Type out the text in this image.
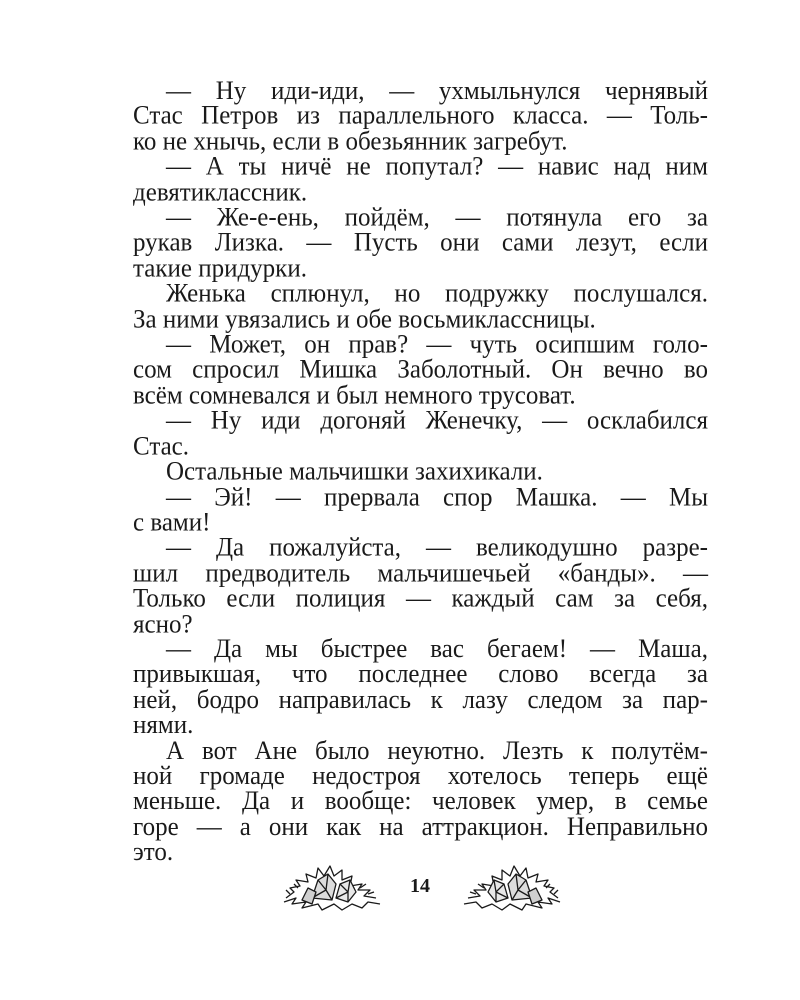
— Ну иди-иди, — ухмыльнулся чернявый
Стас Петров из параллельного класса. — Толь-
ко не хнычь, если в обезьянник загребут.
— А ты ничё не попутал? — навис над ним
девятиклассник.
— Же-е-ень, пойдём, — потянула его за
рукав Лизка. — Пусть они сами лезут, если
такие придурки.
Женька сплюнул, но подружку послушался.
За ними увязались и обе восьмиклассницы.
— Может, он прав? — чуть осипшим голо-
сом спросил Мишка Заболотный. Он вечно во
всём сомневался и был немного трусоват.
— Ну иди догоняй Женечку, — осклабился
Стас.
Остальные мальчишки захихикали.
— Эй! — прервала спор Машка. — Мы
с вами!
— Да пожалуйста, — великодушно разре-
шил предводитель мальчишечьей «банды». —
Только если полиция — каждый сам за себя,
ясно?
— Да мы быстрее вас бегаем! — Маша,
привыкшая, что последнее слово всегда за
ней, бодро направилась к лазу следом за пар-
нями.
А вот Ане было неуютно. Лезть к полутём-
ной громаде недостроя хотелось теперь ещё
меньше. Да и вообще: человек умер, в семье
горе — а они как на аттракцион. Неправильно
это.
14
